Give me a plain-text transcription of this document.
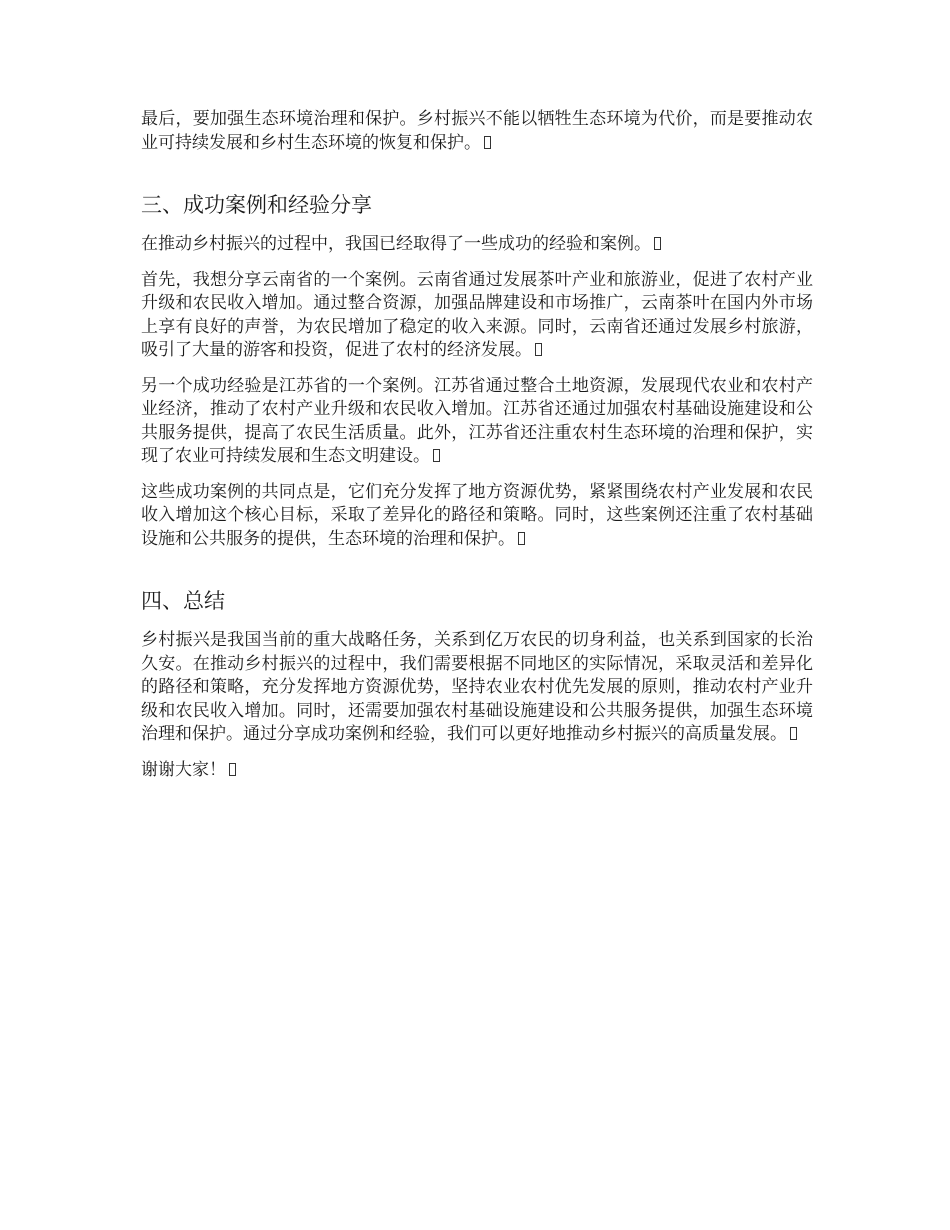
最后，要加强生态环境治理和保护。乡村振兴不能以牺牲生态环境为代价，而是要推动农业可持续发展和乡村生态环境的恢复和保护。

三、成功案例和经验分享

在推动乡村振兴的过程中，我国已经取得了一些成功的经验和案例。

首先，我想分享云南省的一个案例。云南省通过发展茶叶产业和旅游业，促进了农村产业升级和农民收入增加。通过整合资源，加强品牌建设和市场推广，云南茶叶在国内外市场上享有良好的声誉，为农民增加了稳定的收入来源。同时，云南省还通过发展乡村旅游，吸引了大量的游客和投资，促进了农村的经济发展。

另一个成功经验是江苏省的一个案例。江苏省通过整合土地资源，发展现代农业和农村产业经济，推动了农村产业升级和农民收入增加。江苏省还通过加强农村基础设施建设和公共服务提供，提高了农民生活质量。此外，江苏省还注重农村生态环境的治理和保护，实现了农业可持续发展和生态文明建设。

这些成功案例的共同点是，它们充分发挥了地方资源优势，紧紧围绕农村产业发展和农民收入增加这个核心目标，采取了差异化的路径和策略。同时，这些案例还注重了农村基础设施和公共服务的提供，生态环境的治理和保护。

四、总结

乡村振兴是我国当前的重大战略任务，关系到亿万农民的切身利益，也关系到国家的长治久安。在推动乡村振兴的过程中，我们需要根据不同地区的实际情况，采取灵活和差异化的路径和策略，充分发挥地方资源优势，坚持农业农村优先发展的原则，推动农村产业升级和农民收入增加。同时，还需要加强农村基础设施建设和公共服务提供，加强生态环境治理和保护。通过分享成功案例和经验，我们可以更好地推动乡村振兴的高质量发展。

谢谢大家！
